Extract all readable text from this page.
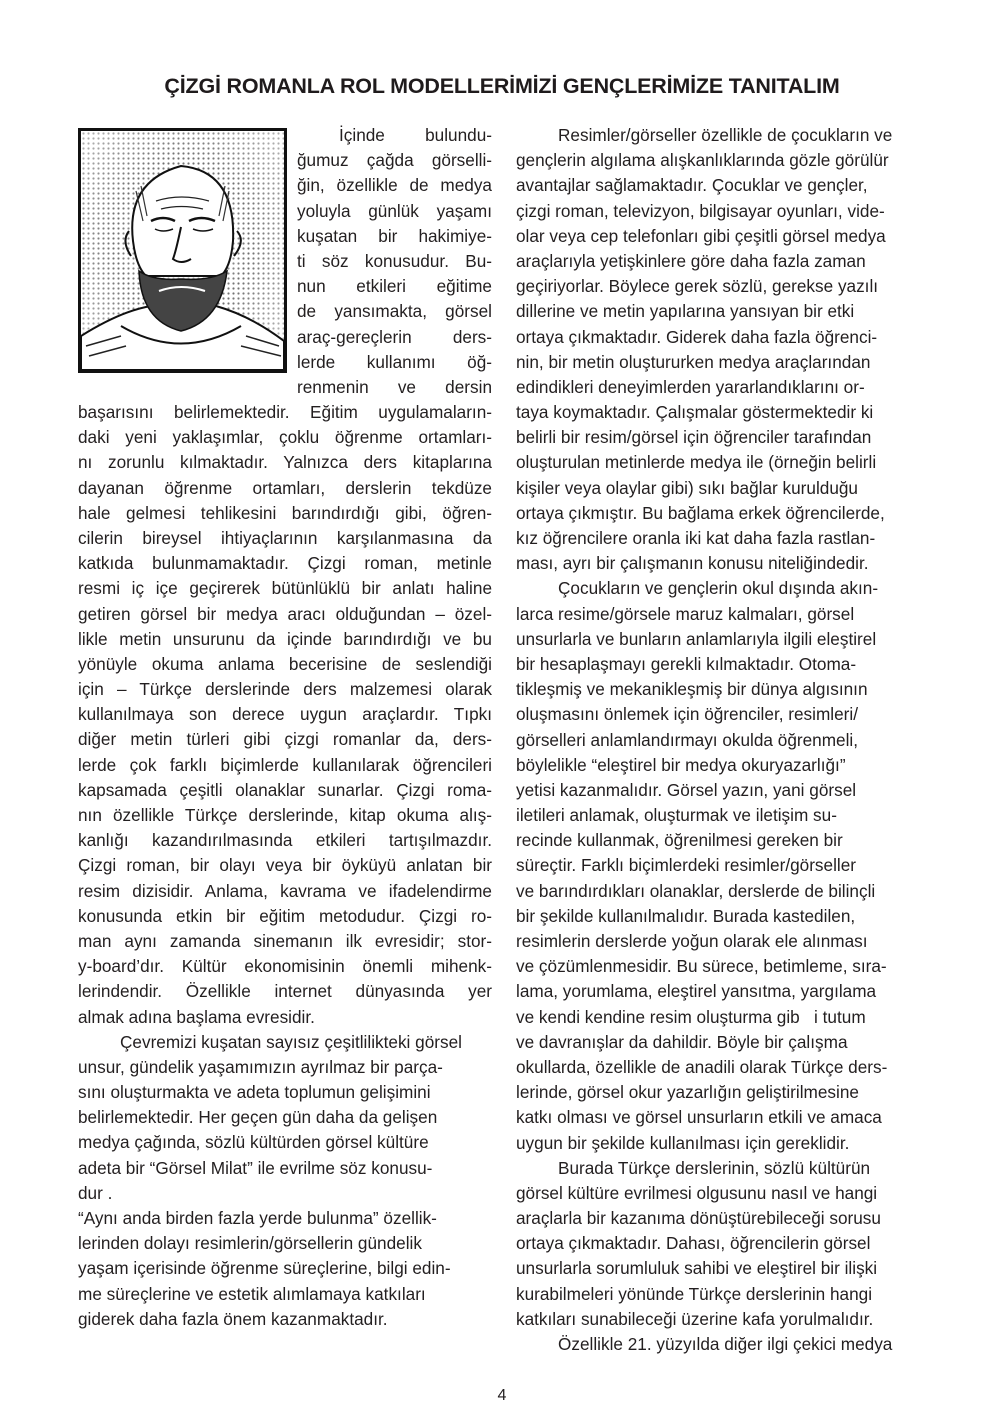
ÇİZGİ ROMANLA ROL MODELLERİMİZİ GENÇLERİMİZE TANITALIM
İçinde bulundu-
ğumuz çağda görselli-
ğin, özellikle de medya
yoluyla günlük yaşamı
kuşatan bir hakimiye-
ti söz konusudur. Bu-
nun etkileri eğitime
de yansımakta, görsel
araç-gereçlerin ders-
lerde kullanımı öğ-
renmenin ve dersin
başarısını belirlemektedir. Eğitim uygulamaların-
daki yeni yaklaşımlar, çoklu öğrenme ortamları-
nı zorunlu kılmaktadır. Yalnızca ders kitaplarına
dayanan öğrenme ortamları, derslerin tekdüze
hale gelmesi tehlikesini barındırdığı gibi, öğren-
cilerin bireysel ihtiyaçlarının karşılanmasına da
katkıda bulunmamaktadır. Çizgi roman, metinle
resmi iç içe geçirerek bütünlüklü bir anlatı haline
getiren görsel bir medya aracı olduğundan – özel-
likle metin unsurunu da içinde barındırdığı ve bu
yönüyle okuma anlama becerisine de seslendiği
için – Türkçe derslerinde ders malzemesi olarak
kullanılmaya son derece uygun araçlardır. Tıpkı
diğer metin türleri gibi çizgi romanlar da, ders-
lerde çok farklı biçimlerde kullanılarak öğrencileri
kapsamada çeşitli olanaklar sunarlar. Çizgi roma-
nın özellikle Türkçe derslerinde, kitap okuma alış-
kanlığı kazandırılmasında etkileri tartışılmazdır.
Çizgi roman, bir olayı veya bir öyküyü anlatan bir
resim dizisidir. Anlama, kavrama ve ifadelendirme
konusunda etkin bir eğitim metodudur. Çizgi ro-
man aynı zamanda sinemanın ilk evresidir; stor-
y-board’dır. Kültür ekonomisinin önemli mihenk-
lerindendir. Özellikle internet dünyasında yer
almak adına başlama evresidir.
Çevremizi kuşatan sayısız çeşitlilikteki görsel
unsur, gündelik yaşamımızın ayrılmaz bir parça-
sını oluşturmakta ve adeta toplumun gelişimini
belirlemektedir. Her geçen gün daha da gelişen
medya çağında, sözlü kültürden görsel kültüre
adeta bir “Görsel Milat” ile evrilme söz konusu-
dur .
“Aynı anda birden fazla yerde bulunma” özellik-
lerinden dolayı resimlerin/görsellerin gündelik
yaşam içerisinde öğrenme süreçlerine, bilgi edin-
me süreçlerine ve estetik alımlamaya katkıları
giderek daha fazla önem kazanmaktadır.
Resimler/görseller özellikle de çocukların ve
gençlerin algılama alışkanlıklarında gözle görülür
avantajlar sağlamaktadır. Çocuklar ve gençler,
çizgi roman, televizyon, bilgisayar oyunları, vide-
olar veya cep telefonları gibi çeşitli görsel medya
araçlarıyla yetişkinlere göre daha fazla zaman
geçiriyorlar. Böylece gerek sözlü, gerekse yazılı
dillerine ve metin yapılarına yansıyan bir etki
ortaya çıkmaktadır. Giderek daha fazla öğrenci-
nin, bir metin oluştururken medya araçlarından
edindikleri deneyimlerden yararlandıklarını or-
taya koymaktadır. Çalışmalar göstermektedir ki
belirli bir resim/görsel için öğrenciler tarafından
oluşturulan metinlerde medya ile (örneğin belirli
kişiler veya olaylar gibi) sıkı bağlar kurulduğu
ortaya çıkmıştır. Bu bağlama erkek öğrencilerde,
kız öğrencilere oranla iki kat daha fazla rastlan-
ması, ayrı bir çalışmanın konusu niteliğindedir.
Çocukların ve gençlerin okul dışında akın-
larca resime/görsele maruz kalmaları, görsel
unsurlarla ve bunların anlamlarıyla ilgili eleştirel
bir hesaplaşmayı gerekli kılmaktadır. Otoma-
tikleşmiş ve mekanikleşmiş bir dünya algısının
oluşmasını önlemek için öğrenciler, resimleri/
görselleri anlamlandırmayı okulda öğrenmeli,
böylelikle “eleştirel bir medya okuryazarlığı”
yetisi kazanmalıdır. Görsel yazın, yani görsel
iletileri anlamak, oluşturmak ve iletişim su-
recinde kullanmak, öğrenilmesi gereken bir
süreçtir. Farklı biçimlerdeki resimler/görseller
ve barındırdıkları olanaklar, derslerde de bilinçli
bir şekilde kullanılmalıdır. Burada kastedilen,
resimlerin derslerde yoğun olarak ele alınması
ve çözümlenmesidir. Bu sürece, betimleme, sıra-
lama, yorumlama, eleştirel yansıtma, yargılama
ve kendi kendine resim oluşturma gib   i tutum
ve davranışlar da dahildir. Böyle bir çalışma
okullarda, özellikle de anadili olarak Türkçe ders-
lerinde, görsel okur yazarlığın geliştirilmesine
katkı olması ve görsel unsurların etkili ve amaca
uygun bir şekilde kullanılması için gereklidir.
Burada Türkçe derslerinin, sözlü kültürün
görsel kültüre evrilmesi olgusunu nasıl ve hangi
araçlarla bir kazanıma dönüştürebileceği sorusu
ortaya çıkmaktadır. Dahası, öğrencilerin görsel
unsurlarla sorumluluk sahibi ve eleştirel bir ilişki
kurabilmeleri yönünde Türkçe derslerinin hangi
katkıları sunabileceği üzerine kafa yorulmalıdır.
Özellikle 21. yüzyılda diğer ilgi çekici medya
4
